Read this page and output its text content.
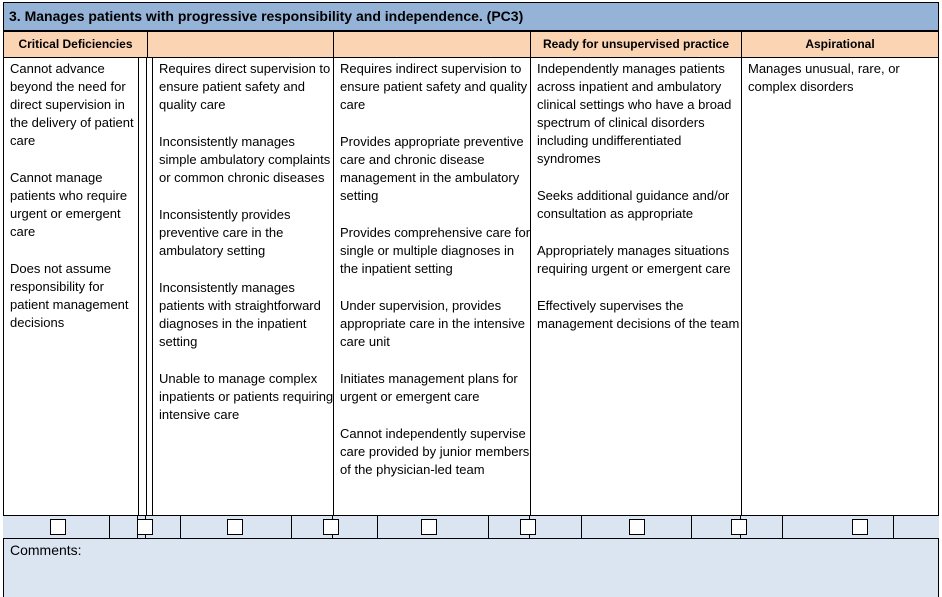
3. Manages patients with progressive responsibility and independence. (PC3)
Critical Deficiencies	Ready for unsupervised practice	Aspirational

Cannot advance beyond the need for direct supervision in the delivery of patient care

Cannot manage patients who require urgent or emergent care

Does not assume responsibility for patient management decisions

Requires direct supervision to ensure patient safety and quality care

Inconsistently manages simple ambulatory complaints or common chronic diseases

Inconsistently provides preventive care in the ambulatory setting

Inconsistently manages patients with straightforward diagnoses in the inpatient setting

Unable to manage complex inpatients or patients requiring intensive care

Requires indirect supervision to ensure patient safety and quality care

Provides appropriate preventive care and chronic disease management in the ambulatory setting

Provides comprehensive care for single or multiple diagnoses in the inpatient setting

Under supervision, provides appropriate care in the intensive care unit

Initiates management plans for urgent or emergent care

Cannot independently supervise care provided by junior members of the physician-led team

Independently manages patients across inpatient and ambulatory clinical settings who have a broad spectrum of clinical disorders including undifferentiated syndromes

Seeks additional guidance and/or consultation as appropriate

Appropriately manages situations requiring urgent or emergent care

Effectively supervises the management decisions of the team

Manages unusual, rare, or complex disorders

Comments:
